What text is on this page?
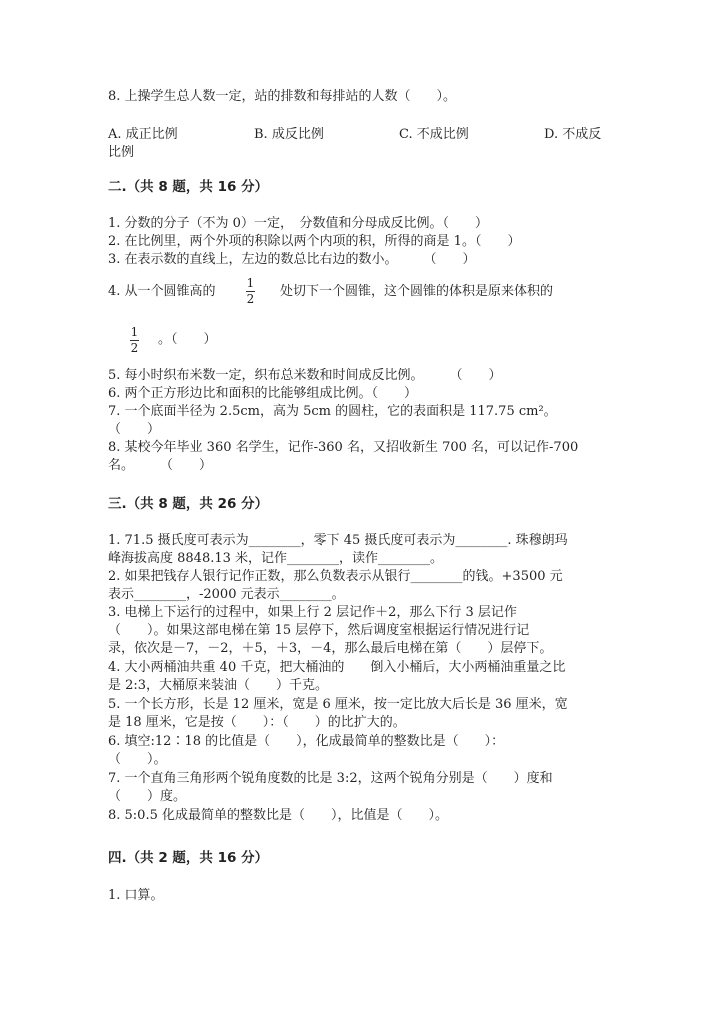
8. 上操学生总人数一定，站的排数和每排站的人数（　　）。
A. 成正比例	B. 成反比例	C. 不成比例	D. 不成反
比例
二.（共 8 题，共 16 分）
1. 分数的分子（不为 0）一定，　分数值和分母成反比例。（　　）
2. 在比例里，两个外项的积除以两个内项的积，所得的商是 1。（　　）
3. 在表示数的直线上，左边的数总比右边的数小。　　　（　　）
4. 从一个圆锥高的
1
2 处切下一个圆锥，这个圆锥的体积是原来体积的
1
2
。（　　）
5. 每小时织布米数一定，织布总米数和时间成反比例。　　　（　　）
6. 两个正方形边比和面积的比能够组成比例。（　　）
7. 一个底面半径为 2.5cm，高为 5cm 的圆柱，它的表面积是 117.75 cm²。
（　　）
8. 某校今年毕业 360 名学生，记作-360 名，又招收新生 700 名，可以记作-700
名。　　　（　　）
三.（共 8 题，共 26 分）
1. 71.5 摄氏度可表示为________，零下 45 摄氏度可表示为________. 珠穆朗玛
峰海拔高度 8848.13 米，记作________，读作________。
2. 如果把钱存人银行记作正数，那么负数表示从银行________的钱。+3500 元
表示________，-2000 元表示________。
3. 电梯上下运行的过程中，如果上行 2 层记作＋2，那么下行 3 层记作
（　　）。如果这部电梯在第 15 层停下，然后调度室根据运行情况进行记
录，依次是－7，－2，＋5，＋3，－4，那么最后电梯在第（　　）层停下。
4. 大小两桶油共重 40 千克，把大桶油的　　倒入小桶后，大小两桶油重量之比
是 2:3，大桶原来装油（　　）千克。
5. 一个长方形，长是 12 厘米，宽是 6 厘米，按一定比放大后长是 36 厘米，宽
是 18 厘米，它是按（　　）：（　　）的比扩大的。
6. 填空:12∶18 的比值是（　　），化成最简单的整数比是（　　）：
（　　）。
7. 一个直角三角形两个锐角度数的比是 3:2，这两个锐角分别是（　　）度和
（　　）度。
8. 5:0.5 化成最简单的整数比是（　　），比值是（　　）。
四.（共 2 题，共 16 分）
1. 口算。
